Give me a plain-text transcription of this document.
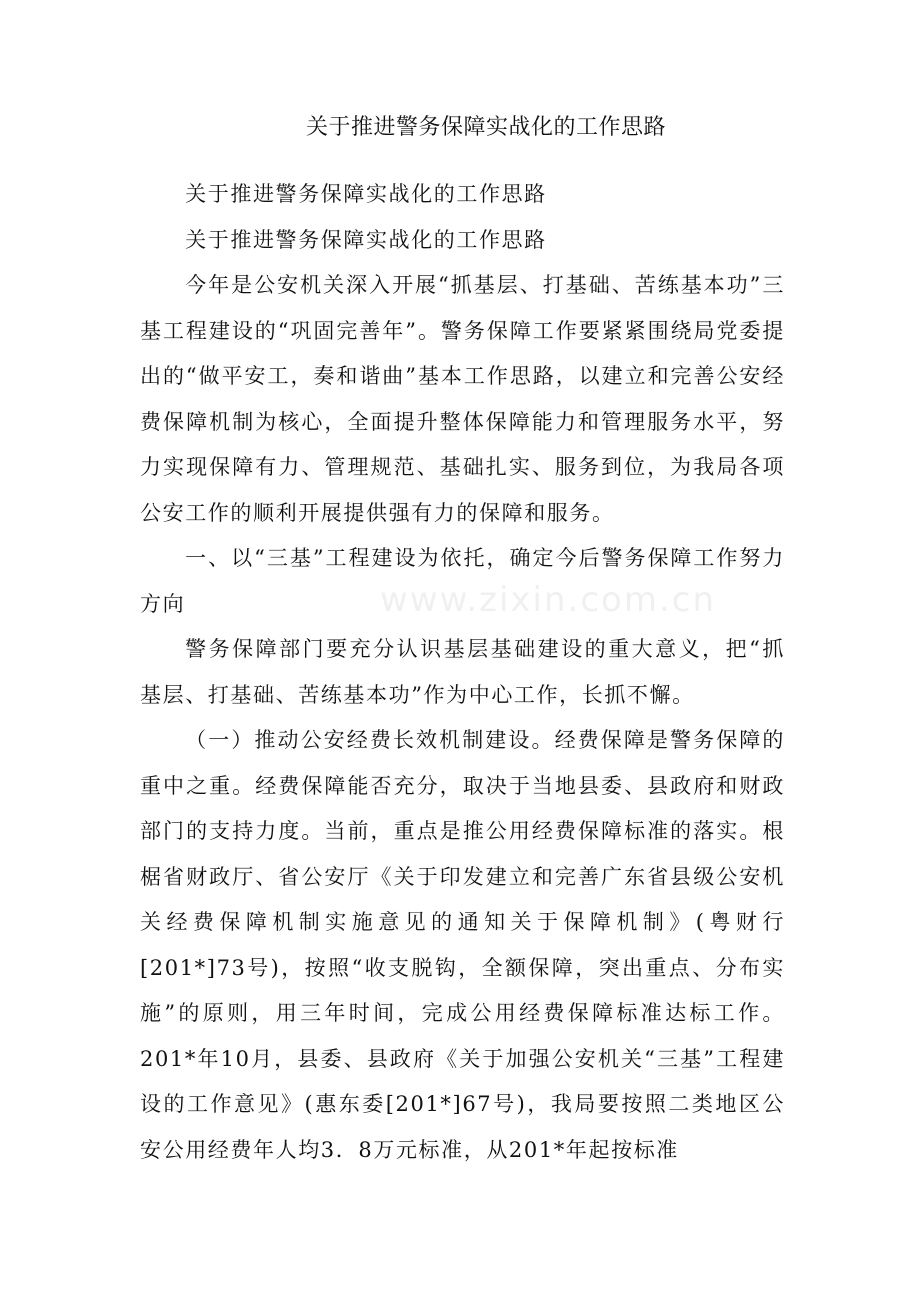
关于推进警务保障实战化的工作思路

关于推进警务保障实战化的工作思路

关于推进警务保障实战化的工作思路

今年是公安机关深入开展“抓基层、打基础、苦练基本功”三基工程建设的“巩固完善年”。警务保障工作要紧紧围绕局党委提出的“做平安工，奏和谐曲”基本工作思路，以建立和完善公安经费保障机制为核心，全面提升整体保障能力和管理服务水平，努力实现保障有力、管理规范、基础扎实、服务到位，为我局各项公安工作的顺利开展提供强有力的保障和服务。

一、以“三基”工程建设为依托，确定今后警务保障工作努力方向

警务保障部门要充分认识基层基础建设的重大意义，把“抓基层、打基础、苦练基本功”作为中心工作，长抓不懈。

（一）推动公安经费长效机制建设。经费保障是警务保障的重中之重。经费保障能否充分，取决于当地县委、县政府和财政部门的支持力度。当前，重点是推公用经费保障标准的落实。根椐省财政厅、省公安厅《关于印发建立和完善广东省县级公安机关经费保障机制实施意见的通知关于保障机制》(粤财行[201*]73号)，按照“收支脱钩，全额保障，突出重点、分布实施”的原则，用三年时间，完成公用经费保障标准达标工作。201*年10月，县委、县政府《关于加强公安机关“三基”工程建设的工作意见》(惠东委[201*]67号)，我局要按照二类地区公安公用经费年人均3．8万元标准，从201*年起按标准

www.zixin.com.cn
